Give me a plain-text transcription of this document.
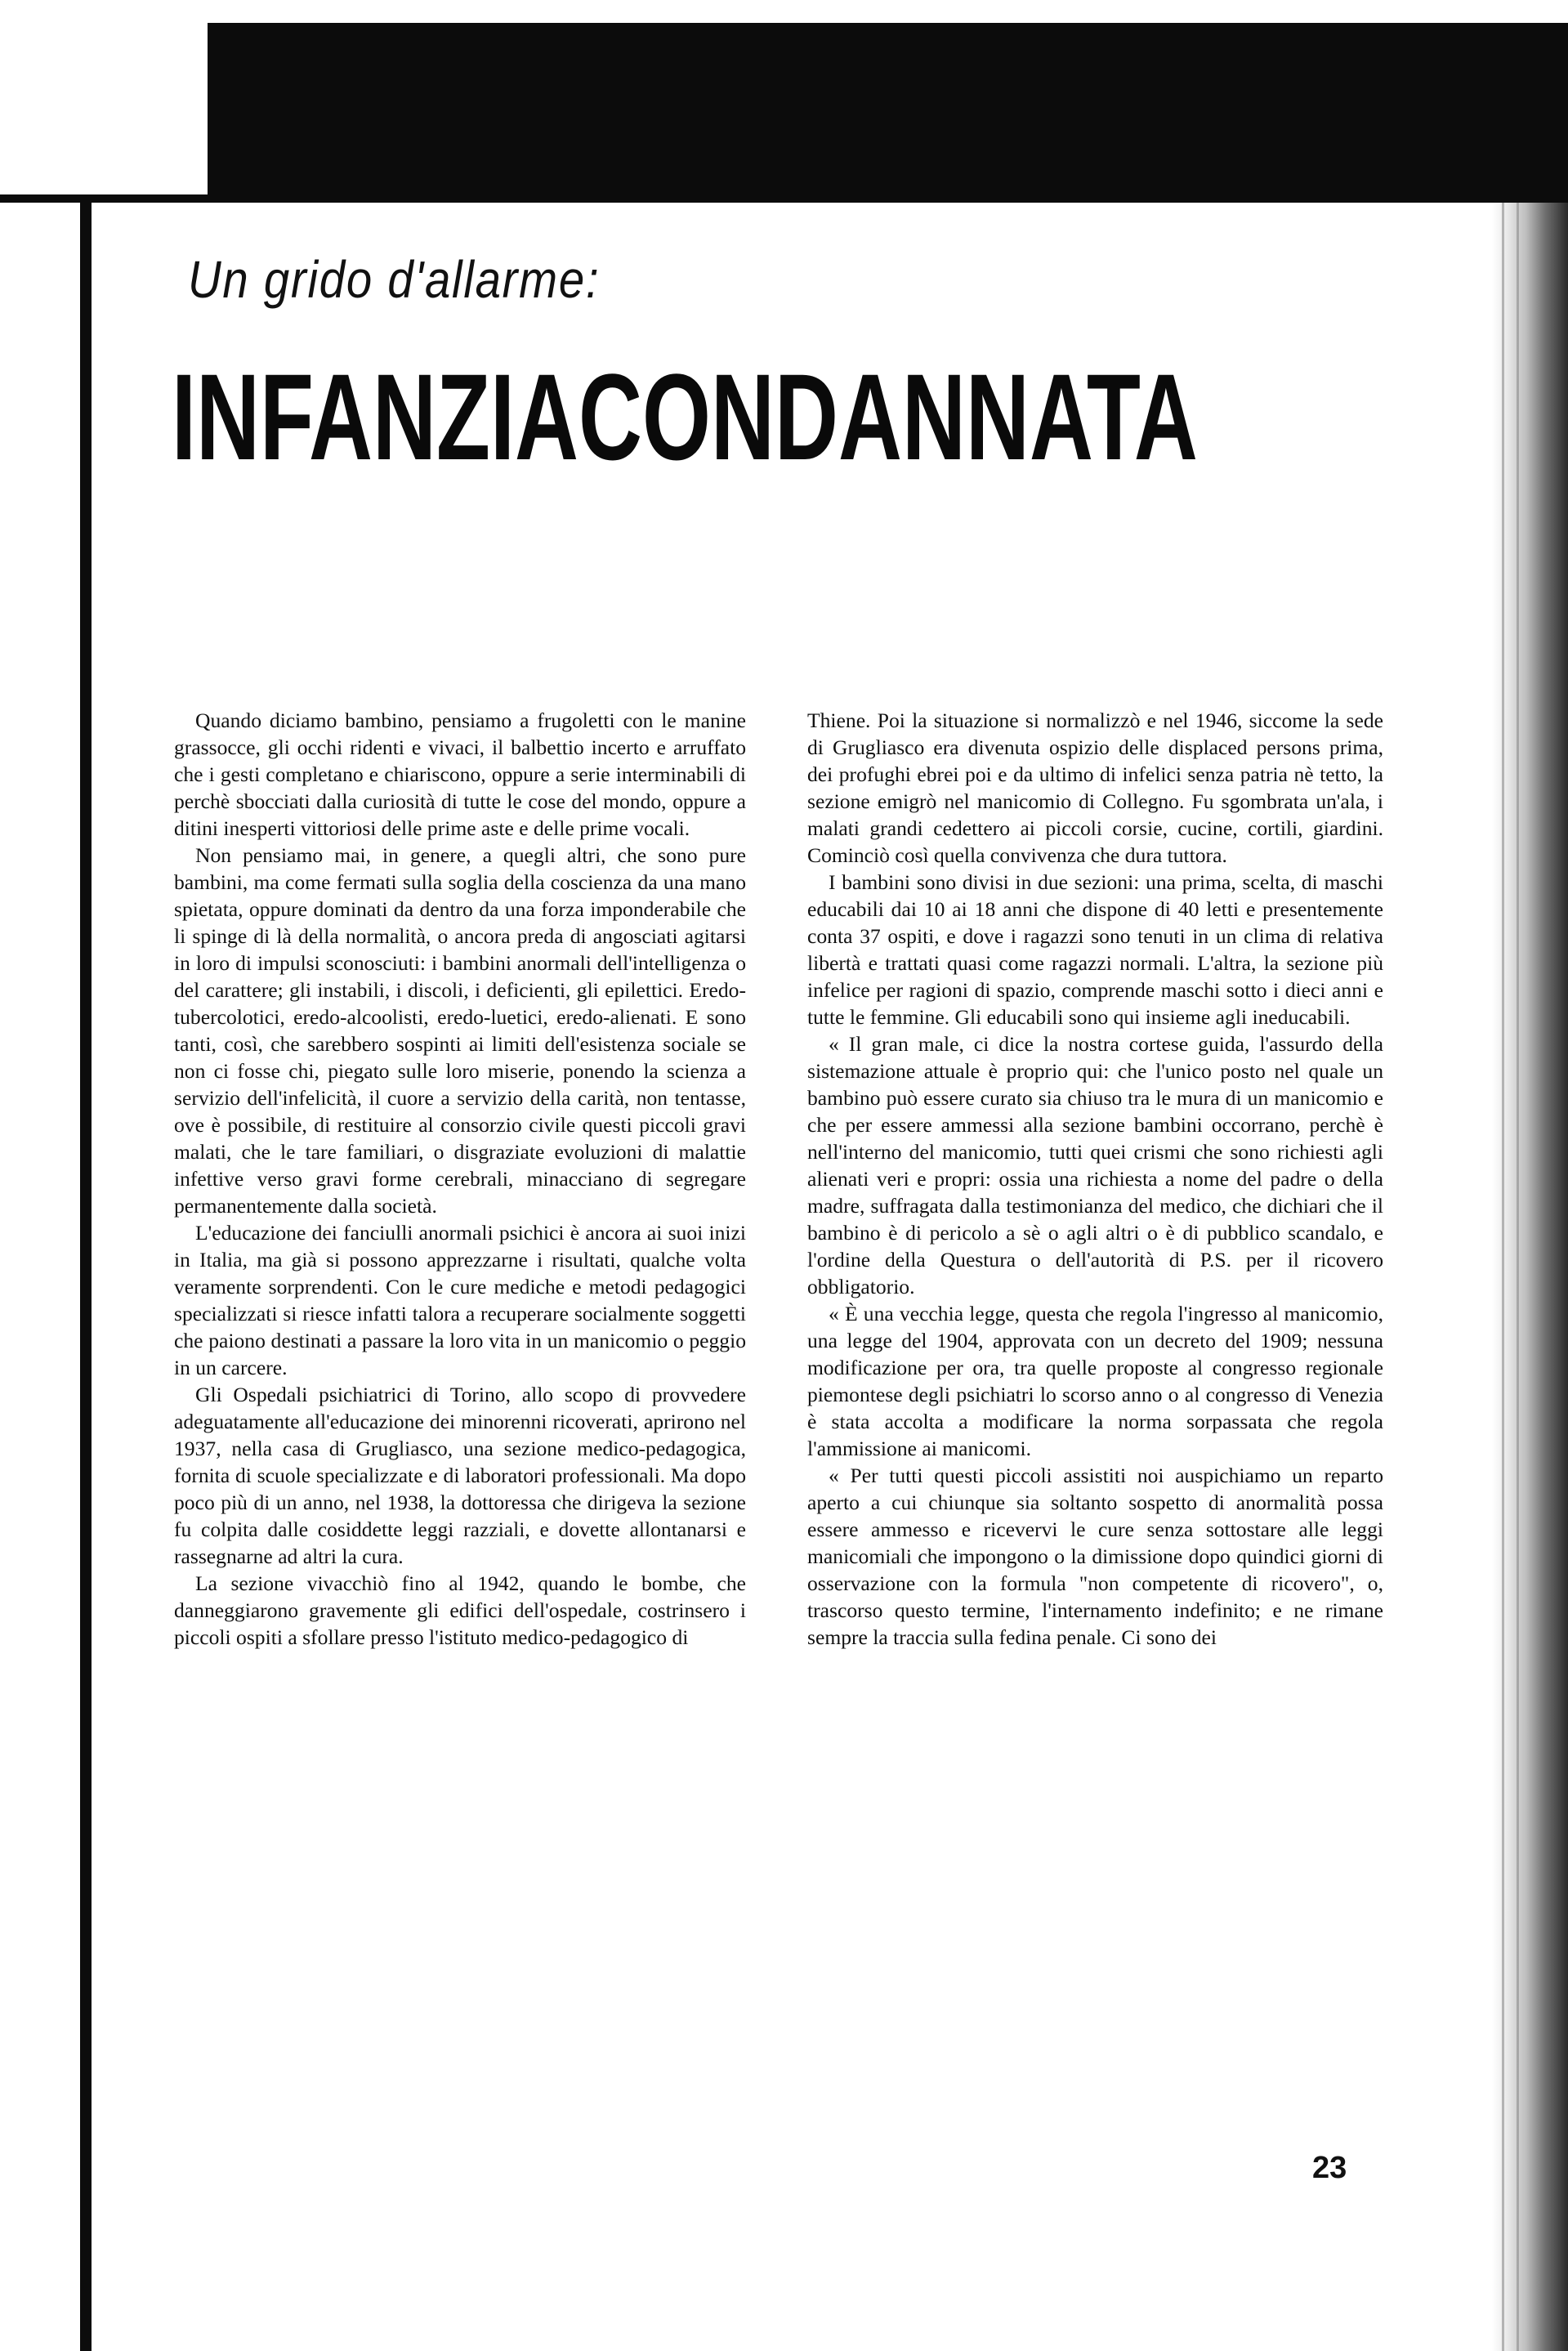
Un grido d'allarme:
INFANZIA CONDANNATA

Quando diciamo bambino, pensiamo a frugoletti con le manine grassocce, gli occhi ridenti e vivaci, il balbettio incerto e arruffato che i gesti completano e chiariscono, oppure a serie interminabili di perchè sbocciati dalla curiosità di tutte le cose del mondo, oppure a ditini inesperti vittoriosi delle prime aste e delle prime vocali.

Non pensiamo mai, in genere, a quegli altri, che sono pure bambini, ma come fermati sulla soglia della coscienza da una mano spietata, oppure dominati da dentro da una forza imponderabile che li spinge di là della normalità, o ancora preda di angosciati agitarsi in loro di impulsi sconosciuti: i bambini anormali dell'intelligenza o del carattere; gli instabili, i discoli, i deficienti, gli epilettici. Eredo-tubercolotici, eredo-alcoolisti, eredo-luetici, eredo-alienati. E sono tanti, così, che sarebbero sospinti ai limiti dell'esistenza sociale se non ci fosse chi, piegato sulle loro miserie, ponendo la scienza a servizio dell'infelicità, il cuore a servizio della carità, non tentasse, ove è possibile, di restituire al consorzio civile questi piccoli gravi malati, che le tare familiari, o disgraziate evoluzioni di malattie infettive verso gravi forme cerebrali, minacciano di segregare permanentemente dalla società.

L'educazione dei fanciulli anormali psichici è ancora ai suoi inizi in Italia, ma già si possono apprezzarne i risultati, qualche volta veramente sorprendenti. Con le cure mediche e metodi pedagogici specializzati si riesce infatti talora a recuperare socialmente soggetti che paiono destinati a passare la loro vita in un manicomio o peggio in un carcere.

Gli Ospedali psichiatrici di Torino, allo scopo di provvedere adeguatamente all'educazione dei minorenni ricoverati, aprirono nel 1937, nella casa di Grugliasco, una sezione medico-pedagogica, fornita di scuole specializzate e di laboratori professionali. Ma dopo poco più di un anno, nel 1938, la dottoressa che dirigeva la sezione fu colpita dalle cosiddette leggi razziali, e dovette allontanarsi e rassegnarne ad altri la cura.

La sezione vivacchiò fino al 1942, quando le bombe, che danneggiarono gravemente gli edifici dell'ospedale, costrinsero i piccoli ospiti a sfollare presso l'istituto medico-pedagogico di

Thiene. Poi la situazione si normalizzò e nel 1946, siccome la sede di Grugliasco era divenuta ospizio delle displaced persons prima, dei profughi ebrei poi e da ultimo di infelici senza patria nè tetto, la sezione emigrò nel manicomio di Collegno. Fu sgombrata un'ala, i malati grandi cedettero ai piccoli corsie, cucine, cortili, giardini. Cominciò così quella convivenza che dura tuttora.

I bambini sono divisi in due sezioni: una prima, scelta, di maschi educabili dai 10 ai 18 anni che dispone di 40 letti e presentemente conta 37 ospiti, e dove i ragazzi sono tenuti in un clima di relativa libertà e trattati quasi come ragazzi normali. L'altra, la sezione più infelice per ragioni di spazio, comprende maschi sotto i dieci anni e tutte le femmine. Gli educabili sono qui insieme agli ineducabili.

« Il gran male, ci dice la nostra cortese guida, l'assurdo della sistemazione attuale è proprio qui: che l'unico posto nel quale un bambino può essere curato sia chiuso tra le mura di un manicomio e che per essere ammessi alla sezione bambini occorrano, perchè è nell'interno del manicomio, tutti quei crismi che sono richiesti agli alienati veri e propri: ossia una richiesta a nome del padre o della madre, suffragata dalla testimonianza del medico, che dichiari che il bambino è di pericolo a sè o agli altri o è di pubblico scandalo, e l'ordine della Questura o dell'autorità di P.S. per il ricovero obbligatorio.

« È una vecchia legge, questa che regola l'ingresso al manicomio, una legge del 1904, approvata con un decreto del 1909; nessuna modificazione per ora, tra quelle proposte al congresso regionale piemontese degli psichiatri lo scorso anno o al congresso di Venezia è stata accolta a modificare la norma sorpassata che regola l'ammissione ai manicomi.

« Per tutti questi piccoli assistiti noi auspichiamo un reparto aperto a cui chiunque sia soltanto sospetto di anormalità possa essere ammesso e ricevervi le cure senza sottostare alle leggi manicomiali che impongono o la dimissione dopo quindici giorni di osservazione con la formula "non competente di ricovero", o, trascorso questo termine, l'internamento indefinito; e ne rimane sempre la traccia sulla fedina penale. Ci sono dei

23
